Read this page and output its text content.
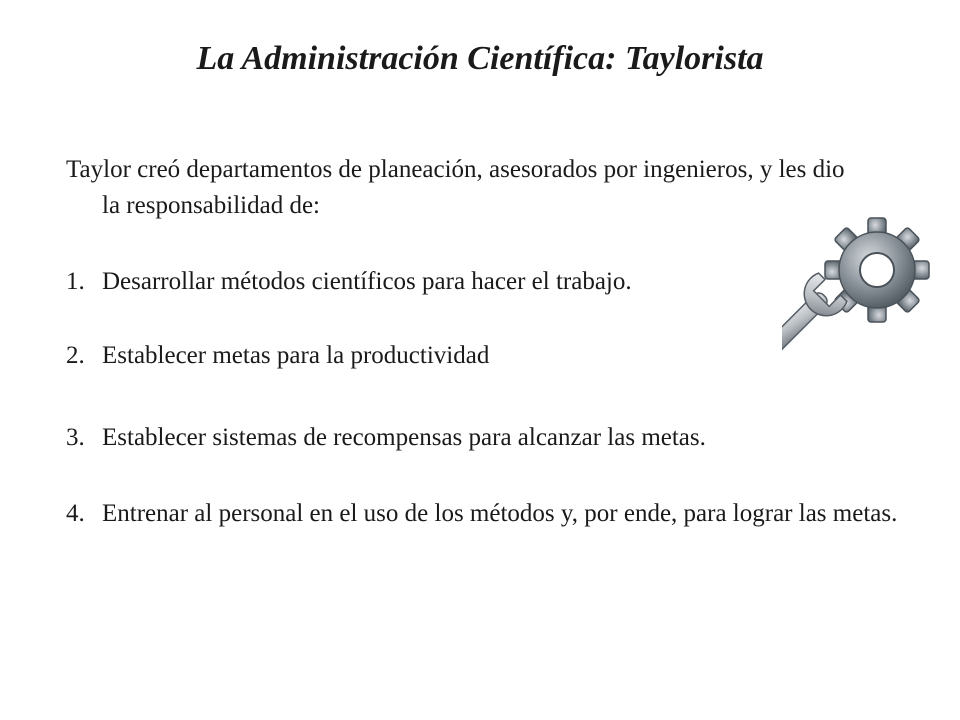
La Administración Científica: Taylorista

Taylor creó departamentos de planeación, asesorados por ingenieros, y les dio la responsabilidad de:

1. Desarrollar métodos científicos para hacer el trabajo.
2. Establecer metas para la productividad
3. Establecer sistemas de recompensas para alcanzar las metas.
4. Entrenar al personal en el uso de los métodos y, por ende, para lograr las metas.
